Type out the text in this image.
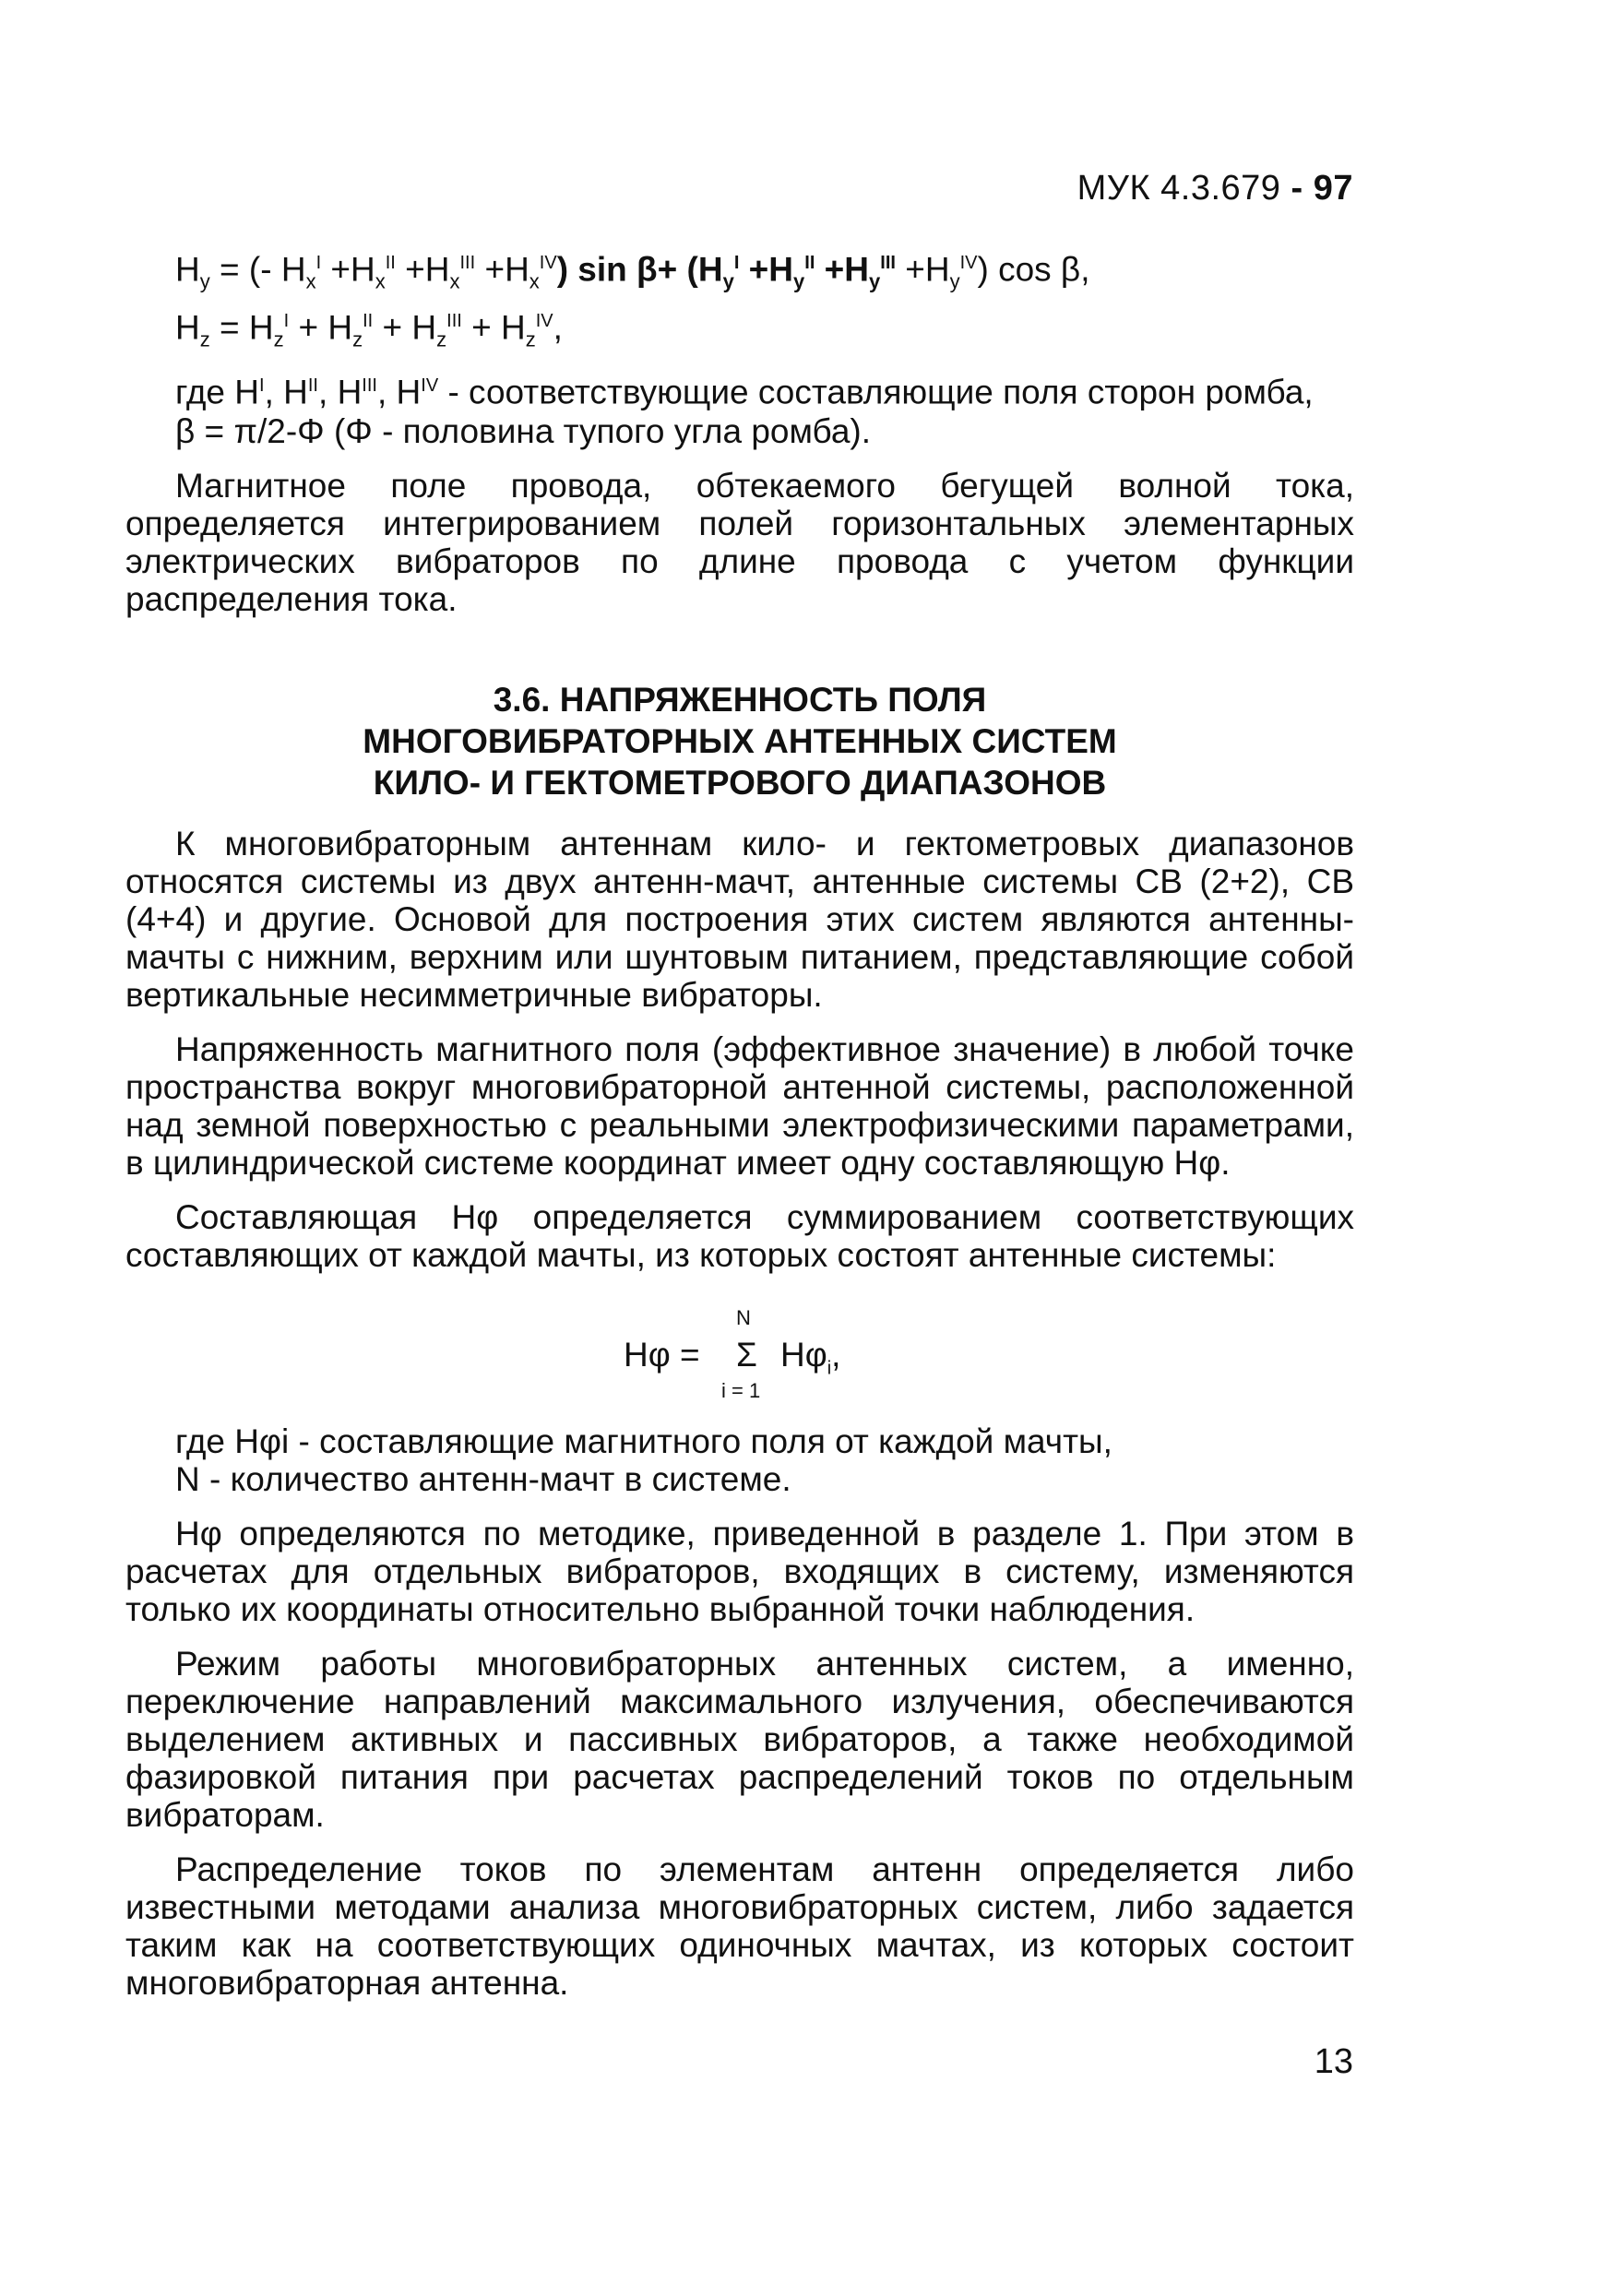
МУК 4.3.679 - 97
$H_y$ = (- $H_x^I +H_x^{II} +H_x^{III} +H_x^{IV}$) $\sin \beta+ (H_y^I +H_y^{II} +H_y^{III} +H_y^{IV})$ cos β,
$H_z = H_z^I + H_z^{II} + H_z^{III} + H_z^{IV}$,

где $H^I$, $H^{II}$, $H^{III}$, $H^{IV}$ - соответствующие составляющие поля сторон ромба,

β = π/2-Φ (Φ - половина тупого угла ромба).

Магнитное поле провода, обтекаемого бегущей волной тока, определяется интегрированием полей горизонтальных элементарных электрических вибраторов по длине провода с учетом функции распределения тока.

3.6. НАПРЯЖЕННОСТЬ ПОЛЯ
МНОГОВИБРАТОРНЫХ АНТЕННЫХ СИСТЕМ
КИЛО- И ГЕКТОМЕТРОВОГО ДИАПАЗОНОВ

К многовибраторным антеннам кило- и гектометровых диапазонов относятся системы из двух антенн-мачт, антенные системы СВ (2+2), СВ (4+4) и другие. Основой для построения этих систем являются антенны-мачты с нижним, верхним или шунтовым питанием, представляющие собой вертикальные несимметричные вибраторы.

Напряженность магнитного поля (эффективное значение) в любой точке пространства вокруг многовибраторной антенной системы, расположенной над земной поверхностью с реальными электрофизическими параметрами, в цилиндрической системе координат имеет одну составляющую Hφ.

Составляющая Hφ определяется суммированием соответствующих составляющих от каждой мачты, из которых состоят антенные системы:

Hφ =
N
Σ
i = 1
$H\varphi_i$,

где Hφi - составляющие магнитного поля от каждой мачты,

N - количество антенн-мачт в системе.

Hφ определяются по методике, приведенной в разделе 1. При этом в расчетах для отдельных вибраторов, входящих в систему, изменяются только их координаты относительно выбранной точки наблюдения.

Режим работы многовибраторных антенных систем, а именно, переключение направлений максимального излучения, обеспечиваются выделением активных и пассивных вибраторов, а также необходимой фазировкой питания при расчетах распределений токов по отдельным вибраторам.

Распределение токов по элементам антенн определяется либо известными методами анализа многовибраторных систем, либо задается таким как на соответствующих одиночных мачтах, из которых состоит многовибраторная антенна.

13
